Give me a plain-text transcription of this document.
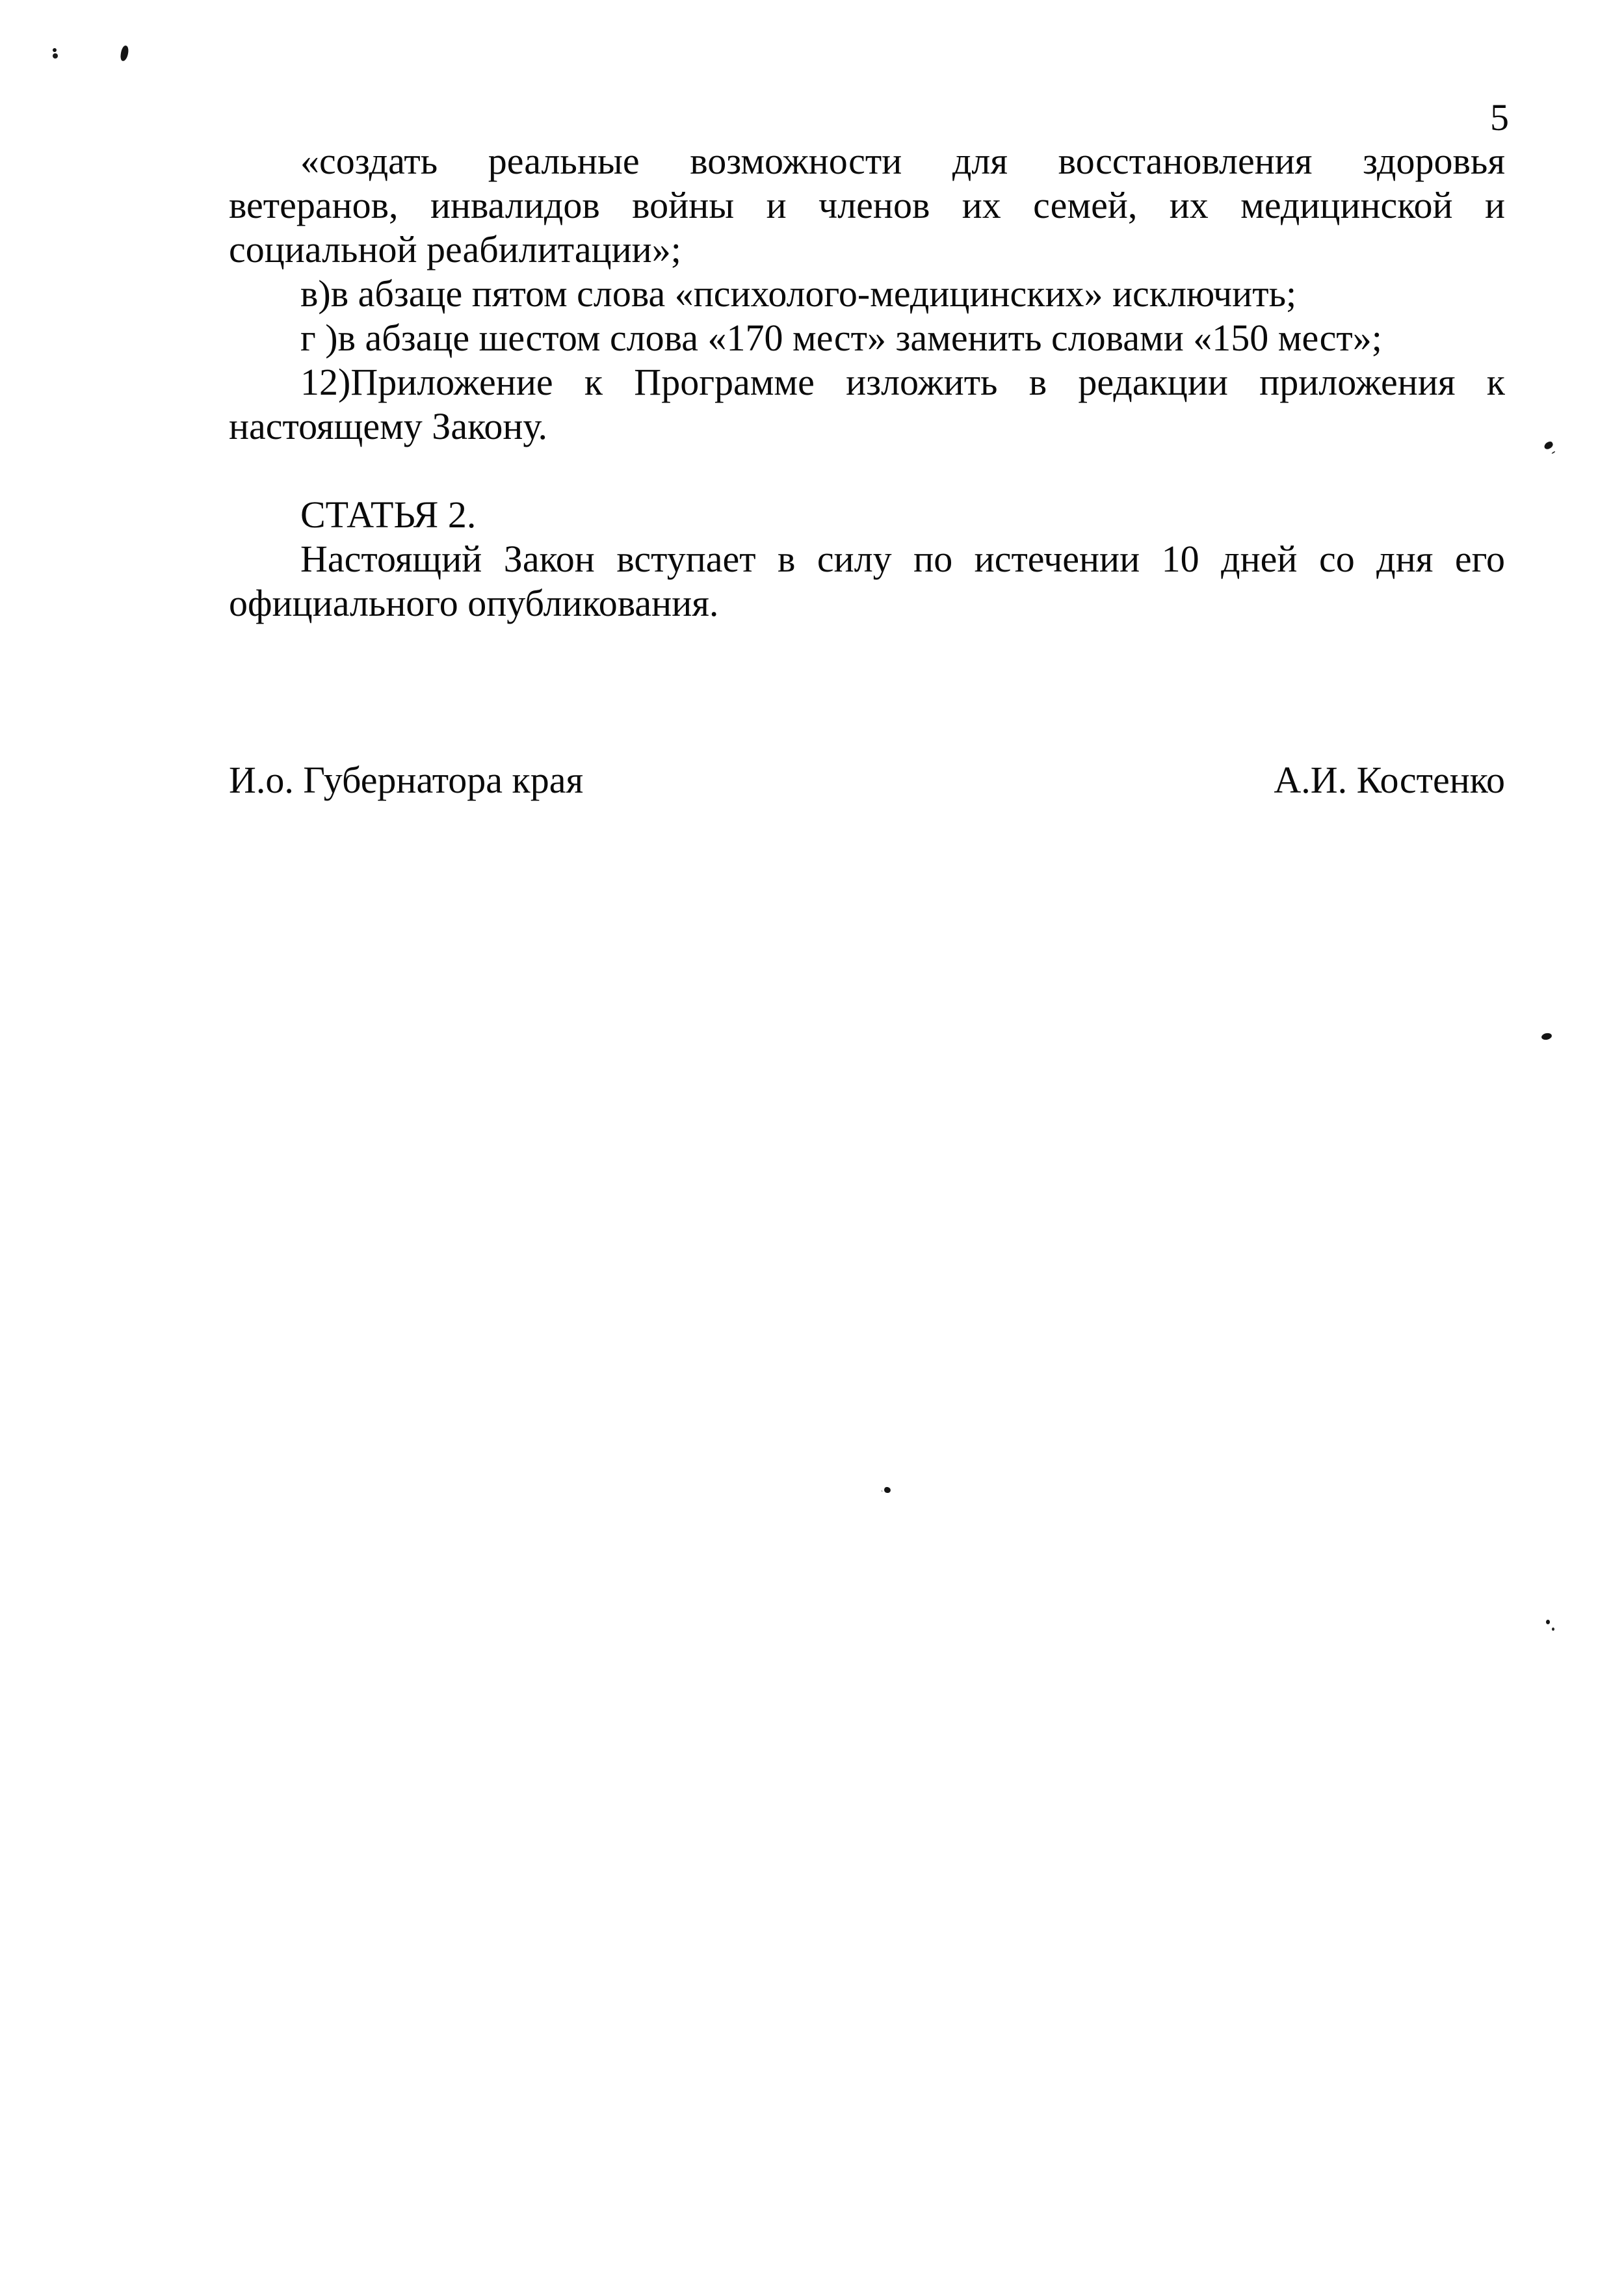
5
«создать реальные возможности для восстановления здоровья
ветеранов, инвалидов войны и членов их семей, их медицинской и
социальной реабилитации»;
в)в абзаце пятом слова «психолого-медицинских» исключить;
г )в абзаце шестом слова «170 мест» заменить словами «150 мест»;
12)Приложение к Программе изложить в редакции приложения к
настоящему Закону.
СТАТЬЯ 2.
Настоящий Закон вступает в силу по истечении 10 дней со дня его
официального опубликования.
И.о. Губернатора края	А.И. Костенко
